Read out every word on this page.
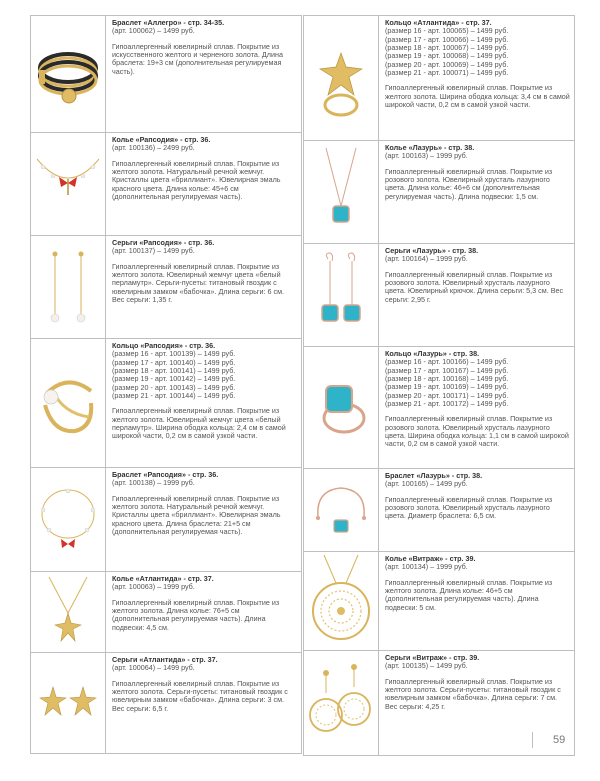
Браслет «Аллегро» - стр. 34-35.
(арт. 100062) – 1499 руб.
Гипоаллергенный ювелирный сплав. Покрытие из искусственного желтого и черненого золота. Длина браслета: 19+3 см (дополнительная регулируемая часть).
Колье «Рапсодия» - стр. 36.
(арт. 100136) – 2499 руб.
Гипоаллергенный ювелирный сплав. Покрытие из желтого золота. Натуральный речной жемчуг. Кристаллы цвета «бриллиант». Ювелирная эмаль красного цвета. Длина колье: 45+6 см (дополнительная регулируемая часть).
Серьги «Рапсодия» - стр. 36.
(арт. 100137) – 1499 руб.
Гипоаллергенный ювелирный сплав. Покрытие из желтого золота. Ювелирный жемчуг цвета «белый перламутр». Серьги-пусеты: титановый гвоздик с ювелирным замком «бабочка». Длина серьги: 6 см. Вес серьги: 1,35 г.
Кольцо «Рапсодия» - стр. 36.
(размер 16 - арт. 100139) – 1499 руб.
(размер 17 - арт. 100140) – 1499 руб.
(размер 18 - арт. 100141) – 1499 руб.
(размер 19 - арт. 100142) – 1499 руб.
(размер 20 - арт. 100143) – 1499 руб.
(размер 21 - арт. 100144) – 1499 руб.
Гипоаллергенный ювелирный сплав. Покрытие из желтого золота. Ювелирный жемчуг цвета «белый перламутр». Ширина ободка кольца: 2,4 см в самой широкой части, 0,2 см в самой узкой части.
Браслет «Рапсодия» - стр. 36.
(арт. 100138) – 1999 руб.
Гипоаллергенный ювелирный сплав. Покрытие из желтого золота. Натуральный речной жемчуг. Кристаллы цвета «бриллиант». Ювелирная эмаль красного цвета. Длина браслета: 21+5 см (дополнительная регулируемая часть).
Колье «Атлантида» - стр. 37.
(арт. 100063) – 1999 руб.
Гипоаллергенный ювелирный сплав. Покрытие из желтого золота. Длина колье: 76+5 см (дополнительная регулируемая часть). Длина подвески: 4,5 см.
Серьги «Атлантида» - стр. 37.
(арт. 100064) – 1499 руб.
Гипоаллергенный ювелирный сплав. Покрытие из желтого золота. Серьги-пусеты: титановый гвоздик с ювелирным замком «бабочка». Длина серьги: 3 см. Вес серьги: 6,5 г.
Кольцо «Атлантида» - стр. 37.
(размер 16 - арт. 100065) – 1499 руб.
(размер 17 - арт. 100066) – 1499 руб.
(размер 18 - арт. 100067) – 1499 руб.
(размер 19 - арт. 100068) – 1499 руб.
(размер 20 - арт. 100069) – 1499 руб.
(размер 21 - арт. 100071) – 1499 руб.
Гипоаллергенный ювелирный сплав. Покрытие из желтого золота. Ширина ободка кольца: 3,4 см в самой широкой части, 0,2 см в самой узкой части.
Колье «Лазурь» - стр. 38.
(арт. 100163) – 1999 руб.
Гипоаллергенный ювелирный сплав. Покрытие из розового золота. Ювелирный хрусталь лазурного цвета. Длина колье: 46+6 см (дополнительная регулируемая часть). Длина подвески: 1,5 см.
Серьги «Лазурь» - стр. 38.
(арт. 100164) – 1999 руб.
Гипоаллергенный ювелирный сплав. Покрытие из розового золота. Ювелирный хрусталь лазурного цвета. Ювелирный крючок. Длина серьги: 5,3 см. Вес серьги: 2,95 г.
Кольцо «Лазурь» - стр. 38.
(размер 16 - арт. 100166) – 1499 руб.
(размер 17 - арт. 100167) – 1499 руб.
(размер 18 - арт. 100168) – 1499 руб.
(размер 19 - арт. 100169) – 1499 руб.
(размер 20 - арт. 100171) – 1499 руб.
(размер 21 - арт. 100172) – 1499 руб.
Гипоаллергенный ювелирный сплав. Покрытие из розового золота. Ювелирный хрусталь лазурного цвета. Ширина ободка кольца: 1,1 см в самой широкой части, 0,2 см в самой узкой части.
Браслет «Лазурь» - стр. 38.
(арт. 100165) – 1499 руб.
Гипоаллергенный ювелирный сплав. Покрытие из розового золота. Ювелирный хрусталь лазурного цвета. Диаметр браслета: 6,5 см.
Колье «Витраж» - стр. 39.
(арт. 100134) – 1999 руб.
Гипоаллергенный ювелирный сплав. Покрытие из желтого золота. Длина колье: 46+5 см (дополнительная регулируемая часть). Длина подвески: 5 см.
Серьги «Витраж» - стр. 39.
(арт. 100135) – 1499 руб.
Гипоаллергенный ювелирный сплав. Покрытие из желтого золота. Серьги-пусеты: титановый гвоздик с ювелирным замком «бабочка». Длина серьги: 7 см. Вес серьги: 4,25 г.
59
